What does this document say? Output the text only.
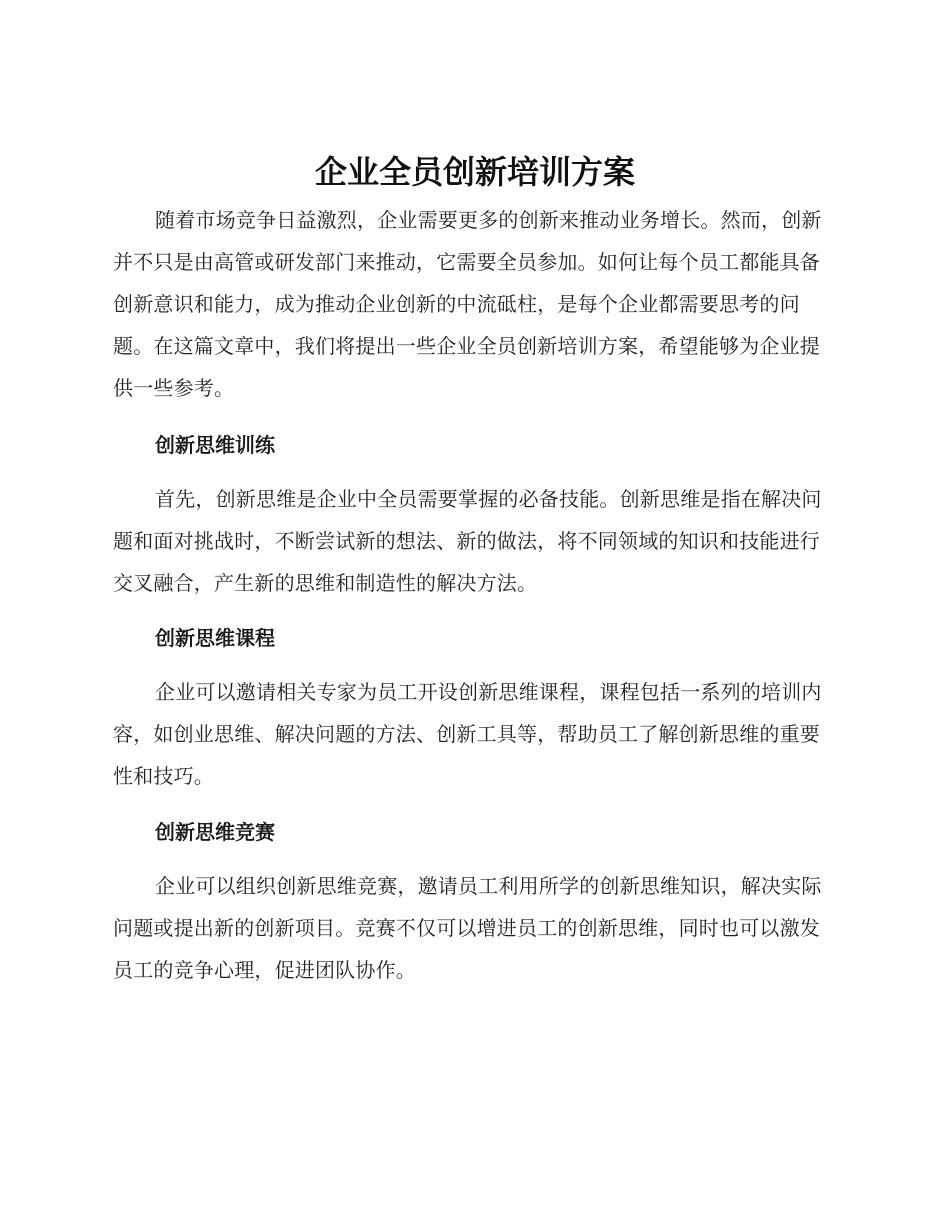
企业全员创新培训方案

随着市场竞争日益激烈，企业需要更多的创新来推动业务增长。然而，创新并不只是由高管或研发部门来推动，它需要全员参加。如何让每个员工都能具备创新意识和能力，成为推动企业创新的中流砥柱，是每个企业都需要思考的问题。在这篇文章中，我们将提出一些企业全员创新培训方案，希望能够为企业提供一些参考。

创新思维训练

首先，创新思维是企业中全员需要掌握的必备技能。创新思维是指在解决问题和面对挑战时，不断尝试新的想法、新的做法，将不同领域的知识和技能进行交叉融合，产生新的思维和制造性的解决方法。

创新思维课程

企业可以邀请相关专家为员工开设创新思维课程，课程包括一系列的培训内容，如创业思维、解决问题的方法、创新工具等，帮助员工了解创新思维的重要性和技巧。

创新思维竞赛

企业可以组织创新思维竞赛，邀请员工利用所学的创新思维知识，解决实际问题或提出新的创新项目。竞赛不仅可以增进员工的创新思维，同时也可以激发员工的竞争心理，促进团队协作。
